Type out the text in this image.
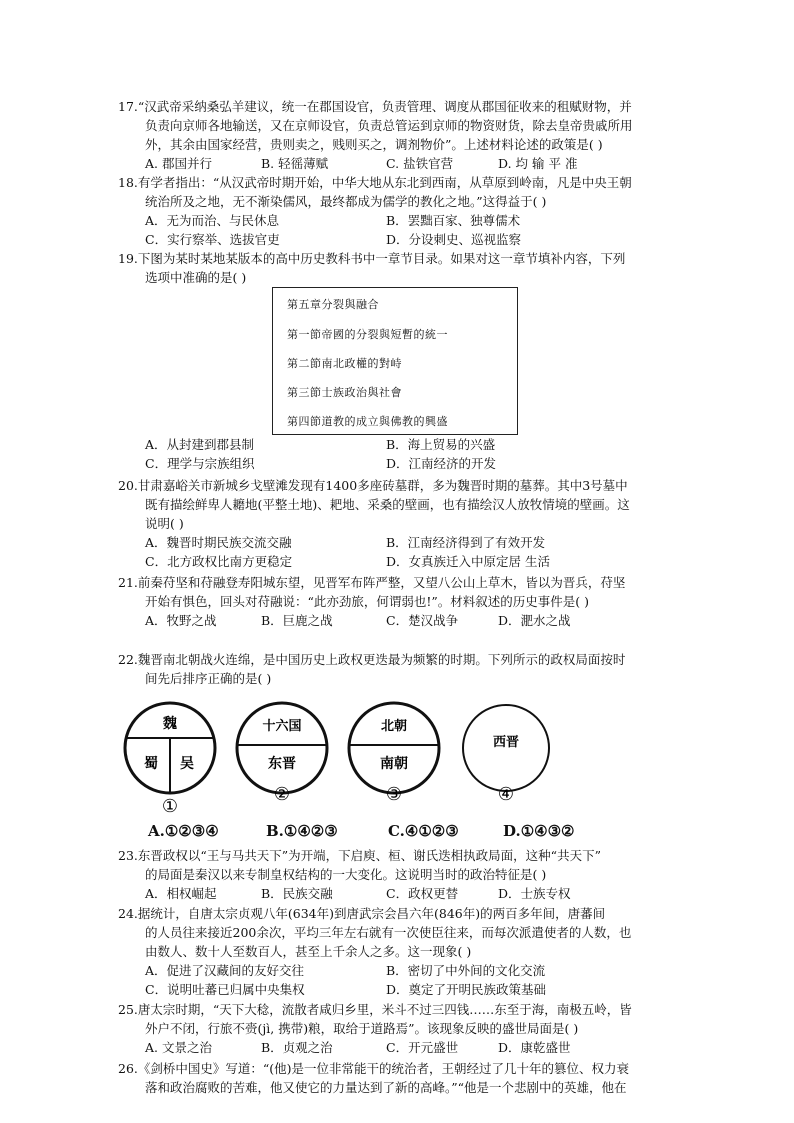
17.“汉武帝采纳桑弘羊建议，统一在郡国设官，负责管理、调度从郡国征收来的租赋财物，并
负责向京师各地输送，又在京师设官，负责总管运到京师的物资财货，除去皇帝贵戚所用
外，其余由国家经营，贵则卖之，贱则买之，调剂物价”。上述材料论述的政策是( )
A. 郡国并行	B. 轻徭薄赋	C. 盐铁官营	D. 均 输 平 准
18.有学者指出：“从汉武帝时期开始，中华大地从东北到西南，从草原到岭南，凡是中央王朝
统治所及之地，无不渐染儒风，最终都成为儒学的教化之地。”这得益于( )
A．无为而治、与民休息	B．罢黜百家、独尊儒术
C．实行察举、选拔官吏	D．分设刺史、巡视监察
19.下图为某时某地某版本的高中历史教科书中一章节目录。如果对这一章节填补内容，下列
选项中准确的是( )
第五章分裂與融合
第一節帝國的分裂與短暫的統一
第二節南北政權的對峙
第三節士族政治與社會
第四節道教的成立與佛教的興盛
A．从封建到郡县制	B．海上贸易的兴盛
C．理学与宗族组织	D．江南经济的开发
20.甘肃嘉峪关市新城乡戈壁滩发现有1400多座砖墓群，多为魏晋时期的墓葬。其中3号墓中
既有描绘鲜卑人耱地(平整土地)、耙地、采桑的壁画，也有描绘汉人放牧情境的壁画。这
说明( )
A．魏晋时期民族交流交融	B．江南经济得到了有效开发
C．北方政权比南方更稳定	D．女真族迁入中原定居 生活
21.前秦苻坚和苻融登寿阳城东望，见晋军布阵严整，又望八公山上草木，皆以为晋兵，苻坚
开始有惧色，回头对苻融说：“此亦劲旅，何谓弱也!”。材料叙述的历史事件是( )
A．牧野之战	B．巨鹿之战	C．楚汉战争	D．淝水之战
22.魏晋南北朝战火连绵，是中国历史上政权更迭最为频繁的时期。下列所示的政权局面按时
间先后排序正确的是( )
魏
蜀 吴
①
十六国
东晋
②
北朝
南朝
③
西晋
④
A.①②③④	B.①④②③	C.④①②③	D.①④③②
23.东晋政权以“王与马共天下”为开端，下启庾、桓、谢氏迭相执政局面，这种“共天下”
的局面是秦汉以来专制皇权结构的一大变化。这说明当时的政治特征是( )
A．相权崛起	B．民族交融	C．政权更替	D．士族专权
24.据统计，自唐太宗贞观八年(634年)到唐武宗会昌六年(846年)的两百多年间，唐蕃间
的人员往来接近200余次，平均三年左右就有一次使臣往来，而每次派遣使者的人数，也
由数人、数十人至数百人，甚至上千余人之多。这一现象( )
A．促进了汉藏间的友好交往	B．密切了中外间的文化交流
C．说明吐蕃已归属中央集权	D．奠定了开明民族政策基础
25.唐太宗时期，“天下大稔，流散者咸归乡里，米斗不过三四钱……东至于海，南极五岭，皆
外户不闭，行旅不赍(jì, 携带)粮，取给于道路焉”。该现象反映的盛世局面是( )
A. 文景之治	B．贞观之治	C．开元盛世	D．康乾盛世
26.《剑桥中国史》写道：“(他)是一位非常能干的统治者，王朝经过了几十年的篡位、权力衰
落和政治腐败的苦难，他又使它的力量达到了新的高峰。”“他是一个悲剧中的英雄，他在
